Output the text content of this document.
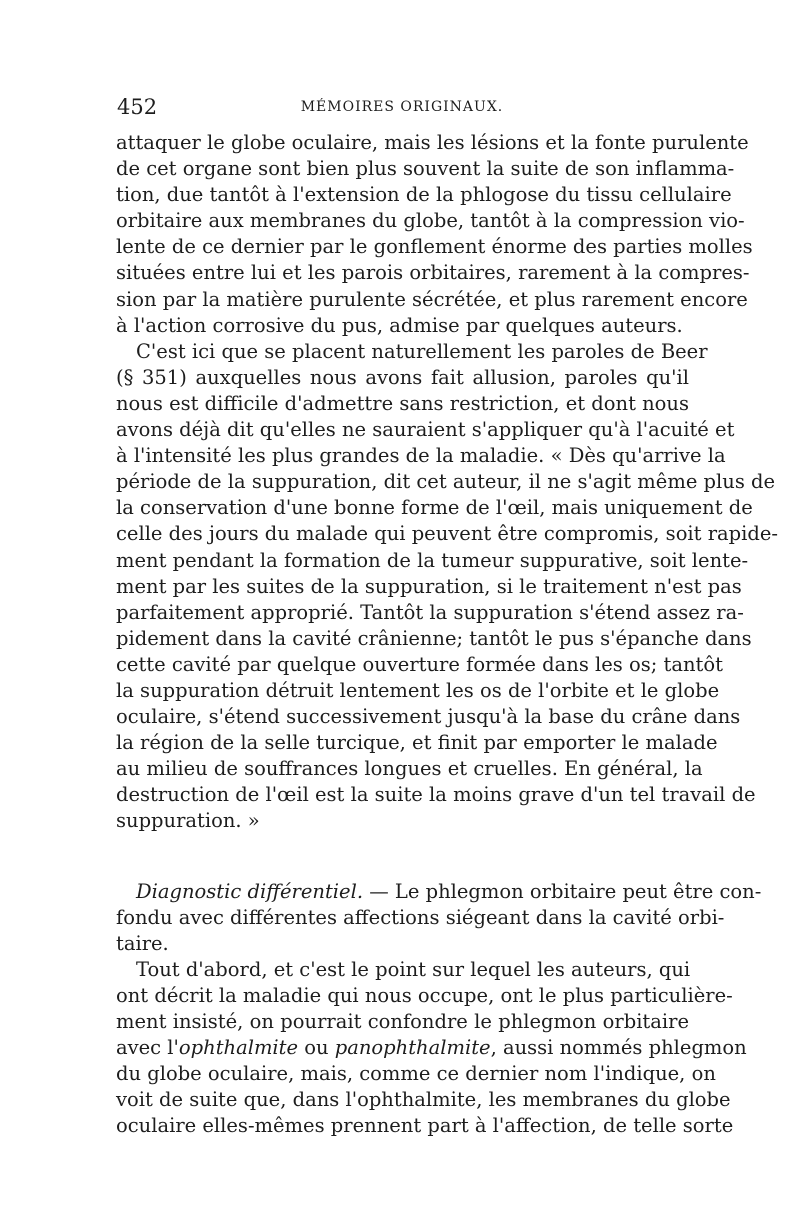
452	MÉMOIRES ORIGINAUX.
attaquer le globe oculaire, mais les lésions et la fonte purulente
de cet organe sont bien plus souvent la suite de son inflamma-
tion, due tantôt à l'extension de la phlogose du tissu cellulaire
orbitaire aux membranes du globe, tantôt à la compression vio-
lente de ce dernier par le gonflement énorme des parties molles
situées entre lui et les parois orbitaires, rarement à la compres-
sion par la matière purulente sécrétée, et plus rarement encore
à l'action corrosive du pus, admise par quelques auteurs.
C'est ici que se placent naturellement les paroles de Beer
(§ 351) auxquelles nous avons fait allusion, paroles qu'il
nous est difficile d'admettre sans restriction, et dont nous
avons déjà dit qu'elles ne sauraient s'appliquer qu'à l'acuité et
à l'intensité les plus grandes de la maladie. « Dès qu'arrive la
période de la suppuration, dit cet auteur, il ne s'agit même plus de
la conservation d'une bonne forme de l'œil, mais uniquement de
celle des jours du malade qui peuvent être compromis, soit rapide-
ment pendant la formation de la tumeur suppurative, soit lente-
ment par les suites de la suppuration, si le traitement n'est pas
parfaitement approprié. Tantôt la suppuration s'étend assez ra-
pidement dans la cavité crânienne; tantôt le pus s'épanche dans
cette cavité par quelque ouverture formée dans les os; tantôt
la suppuration détruit lentement les os de l'orbite et le globe
oculaire, s'étend successivement jusqu'à la base du crâne dans
la région de la selle turcique, et finit par emporter le malade
au milieu de souffrances longues et cruelles. En général, la
destruction de l'œil est la suite la moins grave d'un tel travail de
suppuration. »
Diagnostic différentiel. — Le phlegmon orbitaire peut être con-
fondu avec différentes affections siégeant dans la cavité orbi-
taire.
Tout d'abord, et c'est le point sur lequel les auteurs, qui
ont décrit la maladie qui nous occupe, ont le plus particulière-
ment insisté, on pourrait confondre le phlegmon orbitaire
avec l'ophthalmite ou panophthalmite, aussi nommés phlegmon
du globe oculaire, mais, comme ce dernier nom l'indique, on
voit de suite que, dans l'ophthalmite, les membranes du globe
oculaire elles-mêmes prennent part à l'affection, de telle sorte
